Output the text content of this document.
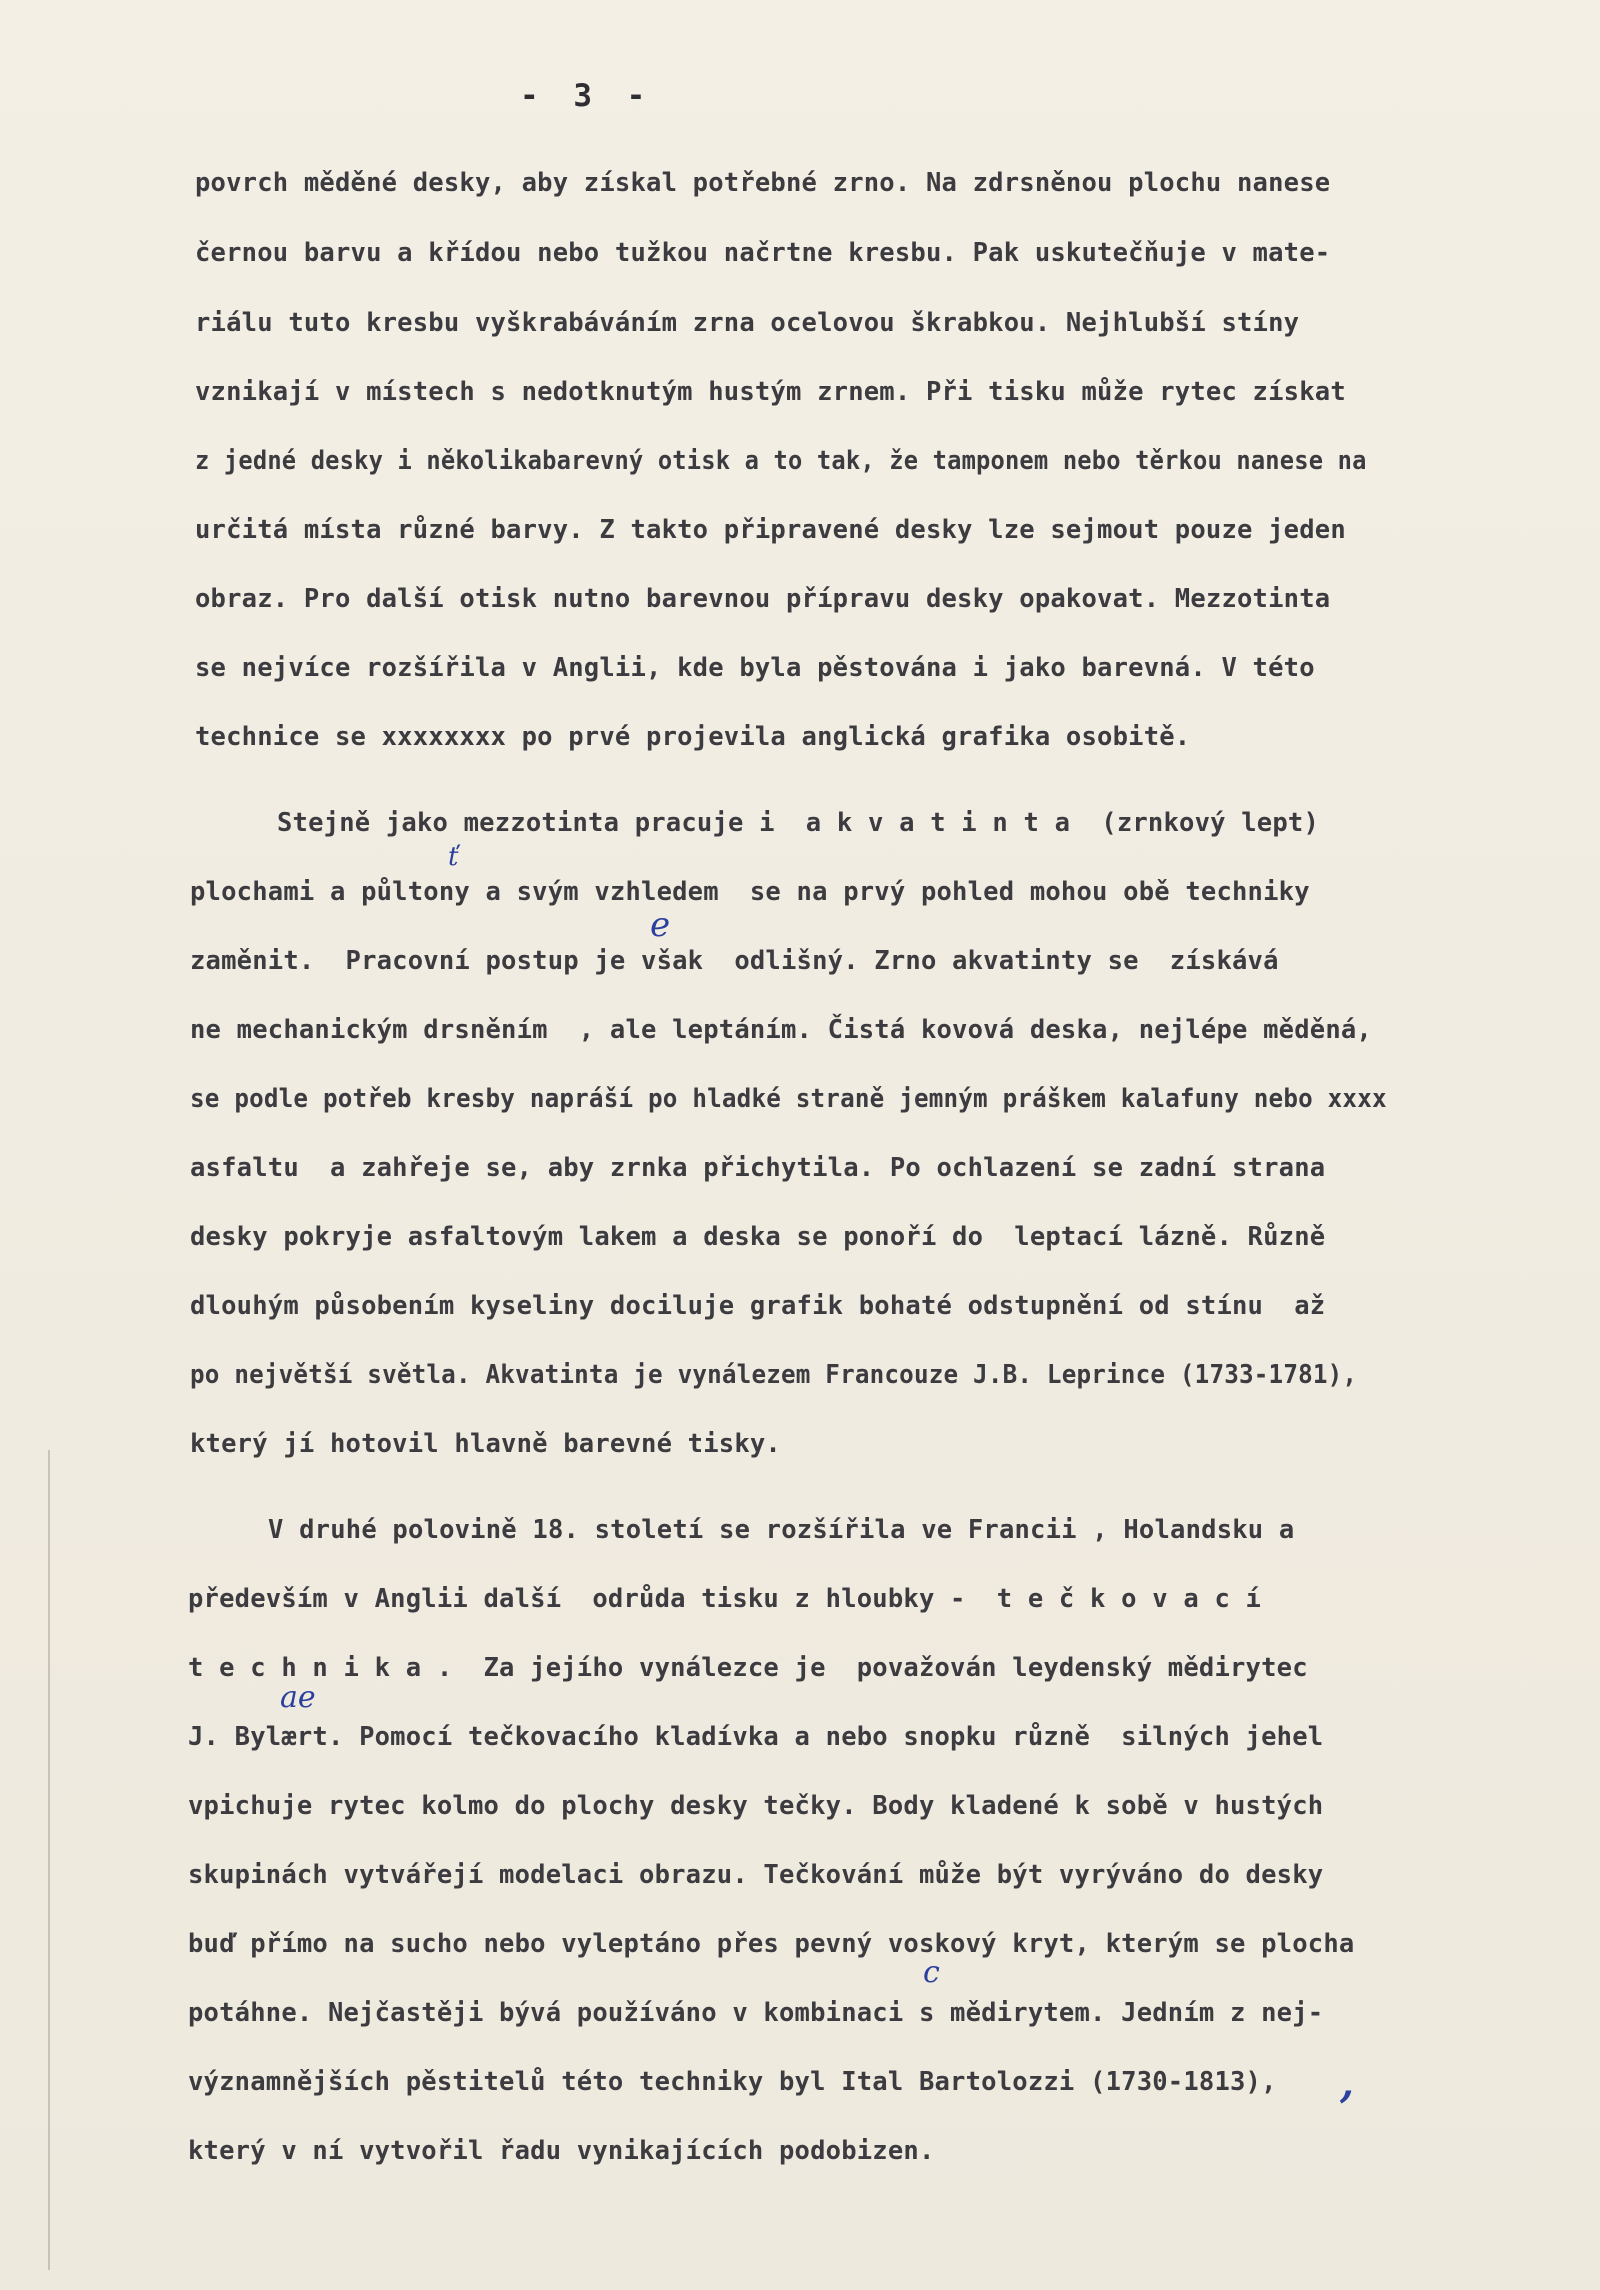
- 3 -
povrch měděné desky, aby získal potřebné zrno. Na zdrsněnou plochu nanese
černou barvu a křídou nebo tužkou načrtne kresbu. Pak uskutečňuje v mate-
riálu tuto kresbu vyškrabáváním zrna ocelovou škrabkou. Nejhlubší stíny
vznikají v místech s nedotknutým hustým zrnem. Při tisku může rytec získat
z jedné desky i několikabarevný otisk a to tak, že tamponem nebo těrkou nanese na
určitá místa různé barvy. Z takto připravené desky lze sejmout pouze jeden
obraz. Pro další otisk nutno barevnou přípravu desky opakovat. Mezzotinta
se nejvíce rozšířila v Anglii, kde byla pěstována i jako barevná. V této
technice se xxxxxxxx po prvé projevila anglická grafika osobitě.
Stejně jako mezzotinta pracuje i  a k v a t i n t a  (zrnkový lept)
plochami a půltony a svým vzhledem  se na prvý pohled mohou obě techniky
zaměnit.  Pracovní postup je však  odlišný. Zrno akvatinty se  získává
ne mechanickým drsněním  , ale leptáním. Čistá kovová deska, nejlépe měděná,
se podle potřeb kresby napráší po hladké straně jemným práškem kalafuny nebo xxxx
asfaltu  a zahřeje se, aby zrnka přichytila. Po ochlazení se zadní strana
desky pokryje asfaltovým lakem a deska se ponoří do  leptací lázně. Různě
dlouhým působením kyseliny dociluje grafik bohaté odstupnění od stínu  až
po největší světla. Akvatinta je vynálezem Francouze J.B. Leprince (1733-1781),
který jí hotovil hlavně barevné tisky.
V druhé polovině 18. století se rozšířila ve Francii , Holandsku a
především v Anglii další  odrůda tisku z hloubky -  t e č k o v a c í
t e c h n i k a .  Za jejího vynálezce je  považován leydenský mědirytec
J. Bylært. Pomocí tečkovacího kladívka a nebo snopku různě  silných jehel
vpichuje rytec kolmo do plochy desky tečky. Body kladené k sobě v hustých
skupinách vytvářejí modelaci obrazu. Tečkování může být vyrýváno do desky
buď přímo na sucho nebo vyleptáno přes pevný voskový kryt, kterým se plocha
potáhne. Nejčastěji bývá používáno v kombinaci s mědirytem. Jedním z nej-
významnějších pěstitelů této techniky byl Ital Bartolozzi (1730-1813),
který v ní vytvořil řadu vynikajících podobizen.
ť
e
ae
c
,
